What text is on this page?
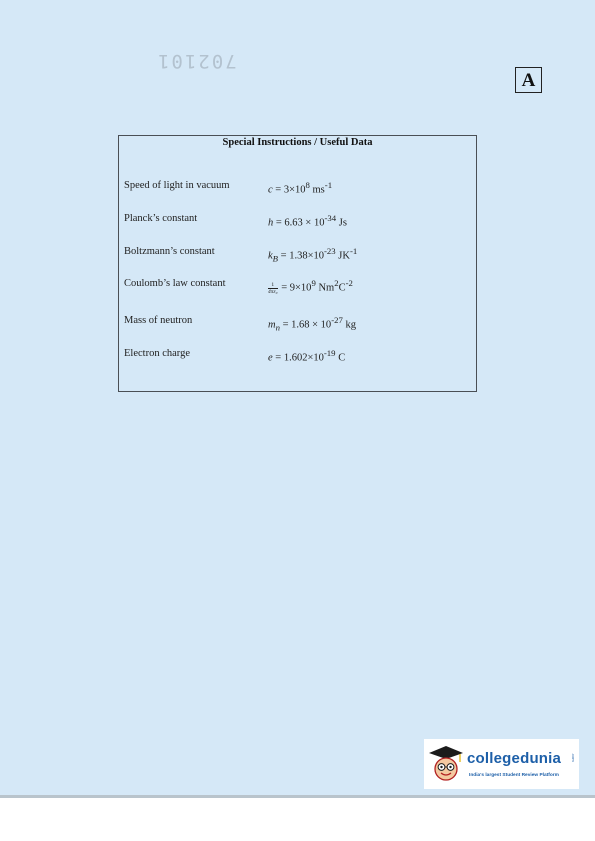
702101
A
Special Instructions / Useful Data
Speed of light in vacuum	$c = 3\times 10^8$ $ms^{-1}$
Planck’s constant	$h = 6.63 \times 10^{-34}$ Js
Boltzmann’s constant	$k_B = 1.38\times 10^{-23}$ $JK^{-1}$
Coulomb’s law constant	$\frac{1}{\text{4πε₀}} = 9\times 10^9$ $Nm^2C^{-2}$
Mass of neutron	$m_n = 1.68 \times 10^{-27}$ kg
Electron charge	$e = 1.602\times 10^{-19}$ C
collegedunia .com
India's largest Student Review Platform
